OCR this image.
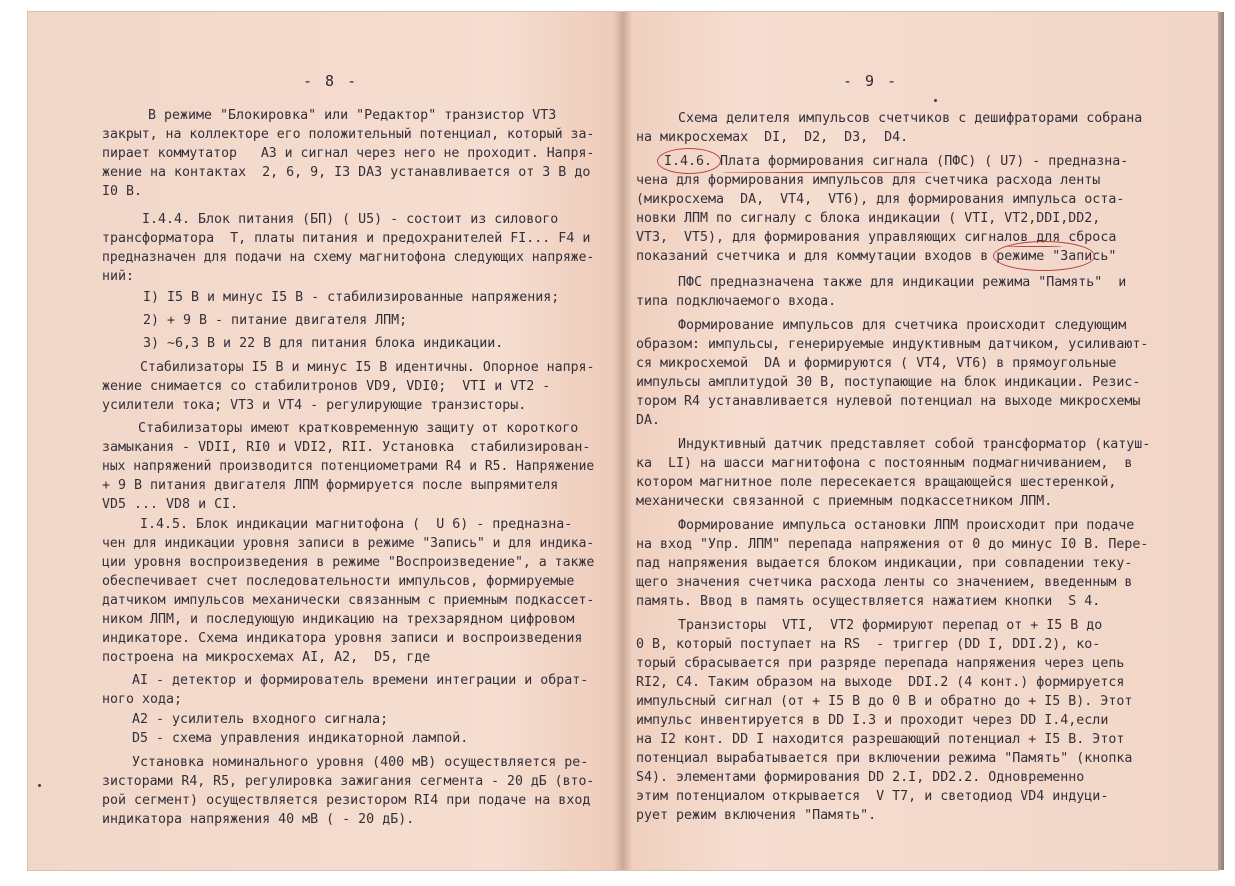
- 8 -
В режиме "Блокировка" или "Редактор" транзистор VT3
закрыт, на коллекторе его положительный потенциал, который за-
пирает коммутатор   А3 и сигнал через него не проходит. Напря-
жение на контактах  2, 6, 9, I3 DA3 устанавливается от 3 В до
I0 В.
I.4.4. Блок питания (БП) ( U5) - состоит из силового
трансформатора  Т, платы питания и предохранителей FI... F4 и
предназначен для подачи на схему магнитофона следующих напряже-
ний:
I) I5 В и минус I5 В - стабилизированные напряжения;
2) + 9 В - питание двигателя ЛПМ;
3) ~6,3 В и 22 В для питания блока индикации.
Стабилизаторы I5 В и минус I5 В идентичны. Опорное напря-
жение снимается со стабилитронов VD9, VDI0;  VTI и VT2 -
усилители тока; VT3 и VT4 - регулирующие транзисторы.
Стабилизаторы имеют кратковременную защиту от короткого
замыкания - VDII, RI0 и VDI2, RII. Установка  стабилизирован-
ных напряжений производится потенциометрами R4 и R5. Напряжение
+ 9 В питания двигателя ЛПМ формируется после выпрямителя
VD5 ... VD8 и CI.
I.4.5. Блок индикации магнитофона (  U 6) - предназна-
чен для индикации уровня записи в режиме "Запись" и для индика-
ции уровня воспроизведения в режиме "Воспроизведение", а также
обеспечивает счет последовательности импульсов, формируемые
датчиком импульсов механически связанным с приемным подкассет-
ником ЛПМ, и последующую индикацию на трехзарядном цифровом
индикаторе. Схема индикатора уровня записи и воспроизведения
построена на микросхемах АI, А2,  D5, где
АI - детектор и формирователь времени интеграции и обрат-
ного хода;
А2 - усилитель входного сигнала;
D5 - схема управления индикаторной лампой.
Установка номинального уровня (400 мВ) осуществляется ре-
зисторами R4, R5, регулировка зажигания сегмента - 20 дБ (вто-
рой сегмент) осуществляется резистором RI4 при подаче на вход
индикатора напряжения 40 мВ ( - 20 дБ).
- 9 -
Схема делителя импульсов счетчиков с дешифраторами собрана
на микросхемах  DI,  D2,  D3,  D4.
I.4.6. Плата формирования сигнала (ПФС) ( U7) - предназна-
чена для формирования импульсов для счетчика расхода ленты
(микросхема  DA,  VT4,  VT6), для формирования импульса оста-
новки ЛПМ по сигналу с блока индикации ( VTI, VT2,DDI,DD2,
VT3,  VT5), для формирования управляющих сигналов для сброса
показаний счетчика и для коммутации входов в режиме "Запись"
ПФС предназначена также для индикации режима "Память"  и
типа подключаемого входа.
Формирование импульсов для счетчика происходит следующим
образом: импульсы, генерируемые индуктивным датчиком, усиливают-
ся микросхемой  DA и формируются ( VT4, VT6) в прямоугольные
импульсы амплитудой 30 В, поступающие на блок индикации. Резис-
тором R4 устанавливается нулевой потенциал на выходе микросхемы
DA.
Индуктивный датчик представляет собой трансформатор (катуш-
ка  LI) на шасси магнитофона с постоянным подмагничиванием,  в
котором магнитное поле пересекается вращающейся шестеренкой,
механически связанной с приемным подкассетником ЛПМ.
Формирование импульса остановки ЛПМ происходит при подаче
на вход "Упр. ЛПМ" перепада напряжения от 0 до минус I0 В. Перe-
пад напряжения выдается блоком индикации, при совпадении теку-
щего значения счетчика расхода ленты со значением, введенным в
память. Ввод в память осуществляется нажатием кнопки  S 4.
Транзисторы  VTI,  VT2 формируют перепад от + I5 В до
0 В, который поступает на RS  - триггер (DD I, DDI.2), ко-
торый сбрасывается при разряде перепада напряжения через цепь
RI2, С4. Таким образом на выходе  DDI.2 (4 конт.) формируется
импульсный сигнал (от + I5 В до 0 В и обратно до + I5 В). Этот
импульс инвентируется в DD I.3 и проходит через DD I.4,если
на I2 конт. DD I находится разрешающий потенциал + I5 В. Этот
потенциал вырабатывается при включении режима "Память" (кнопка
S4). элементами формирования DD 2.I, DD2.2. Одновременно
этим потенциалом открывается  V T7, и светодиод VD4 индуци-
рует режим включения "Память".
